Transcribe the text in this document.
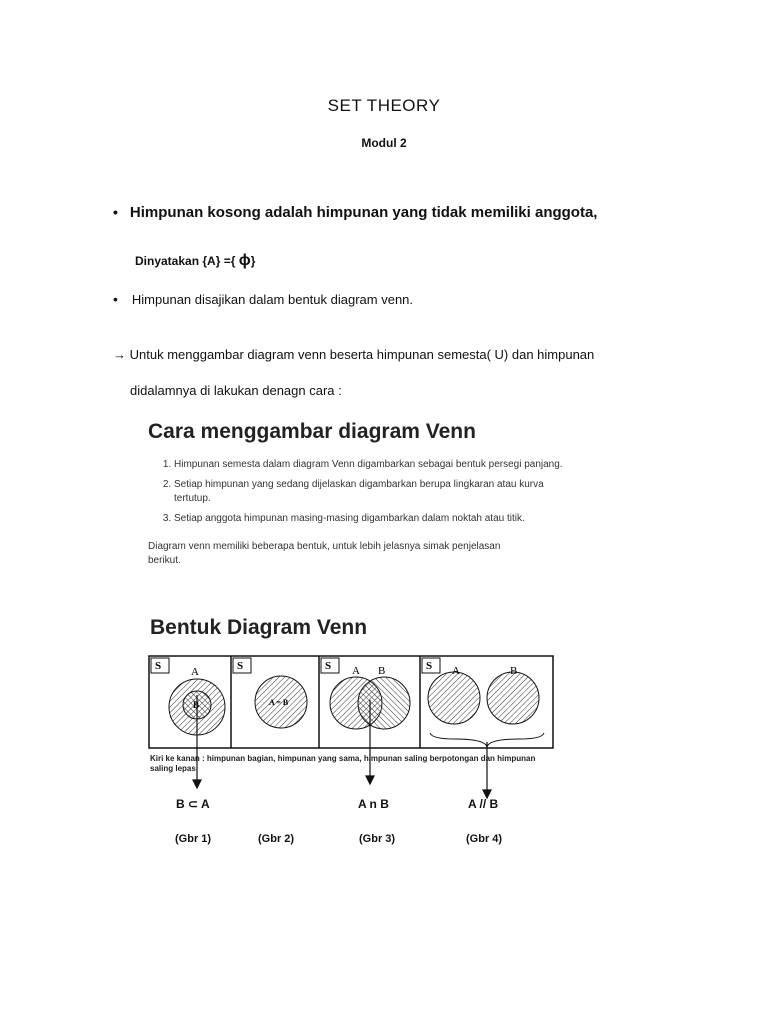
SET THEORY
Modul 2
• Himpunan kosong adalah himpunan yang tidak memiliki anggota,
Dinyatakan {A} ={ ϕ}
• Himpunan disajikan dalam bentuk diagram venn.
→ Untuk menggambar diagram venn beserta himpunan semesta( U) dan himpunan
didalamnya di lakukan denagn cara :
Cara menggambar diagram Venn
1. Himpunan semesta dalam diagram Venn digambarkan sebagai bentuk persegi panjang.
2. Setiap himpunan yang sedang dijelaskan digambarkan berupa lingkaran atau kurva tertutup.
3. Setiap anggota himpunan masing-masing digambarkan dalam noktah atau titik.
Diagram venn memiliki beberapa bentuk, untuk lebih jelasnya simak penjelasan berikut.
Bentuk Diagram Venn
S	A
B
S
A = B
S A B	S A	B
Kiri ke kanan : himpunan bagian, himpunan yang sama, himpunan saling berpotongan dan himpunan saling lepas
B ⊂ A	A n B	A // B
(Gbr 1)	(Gbr 2)	(Gbr 3)	(Gbr 4)
